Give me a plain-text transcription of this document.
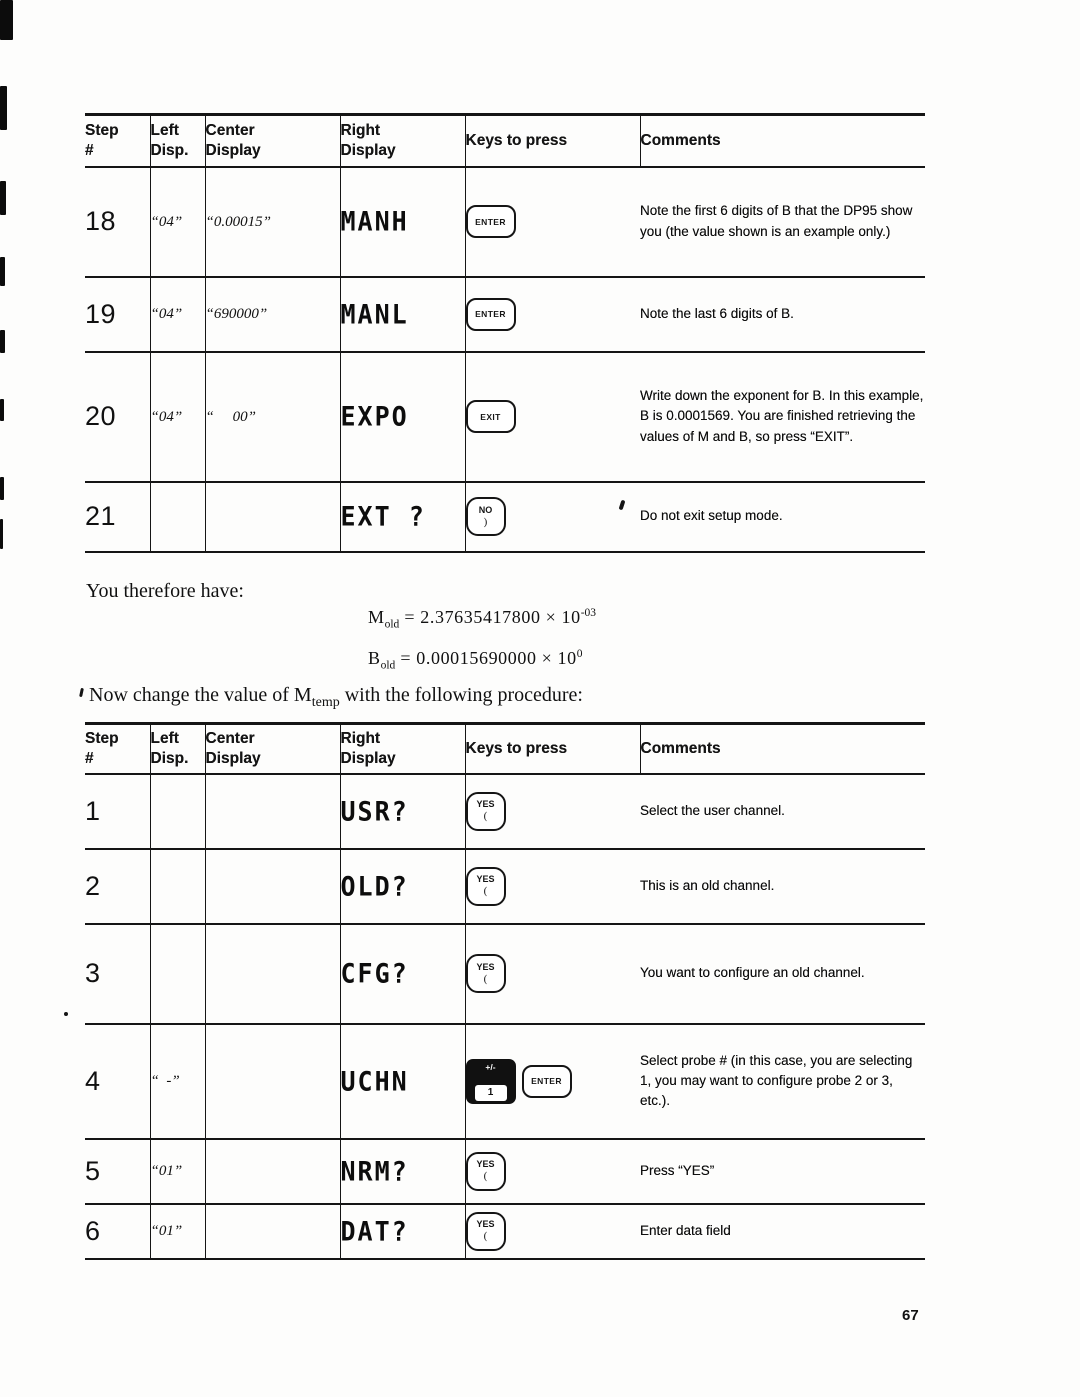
Step
#

Left
Disp.

Center
Display

Right
Display
	Keys to press	Comments
18	“04”	“0.00015”	MANH	ENTER	Note the first 6 digits of B that the DP95 show you (the value shown is an example only.)
19	“04”	“690000”	MANL	ENTER	Note the last 6 digits of B.
20	“04”	“     00”	EXPO	EXIT	Write down the exponent for B. In this example, B is 0.0001569. You are finished retrieving the values of M and B, so press “EXIT”.
21			EXT ?	NO
)	Do not exit setup mode.
You therefore have:
$M_{old} = 2.37635417800 \times 10^{-03}$
$B_{old} = 0.00015690000 \times 10^0$
Now change the value of $M_{temp}$ with the following procedure:
Step
#

Left
Disp.

Center
Display

Right
Display
	Keys to press	Comments
1			USR?	YES
(	Select the user channel.
2			OLD?	YES
(	This is an old channel.
3			CFG?	YES
(	You want to configure an old channel.
4	“  -”		UCHN	+/-
1
ENTER	Select probe # (in this case, you are selecting 1, you may want to configure probe 2 or 3, etc.).
5	“01”		NRM?	YES
(	Press “YES”
6	“01”		DAT?	YES
(	Enter data field
67
